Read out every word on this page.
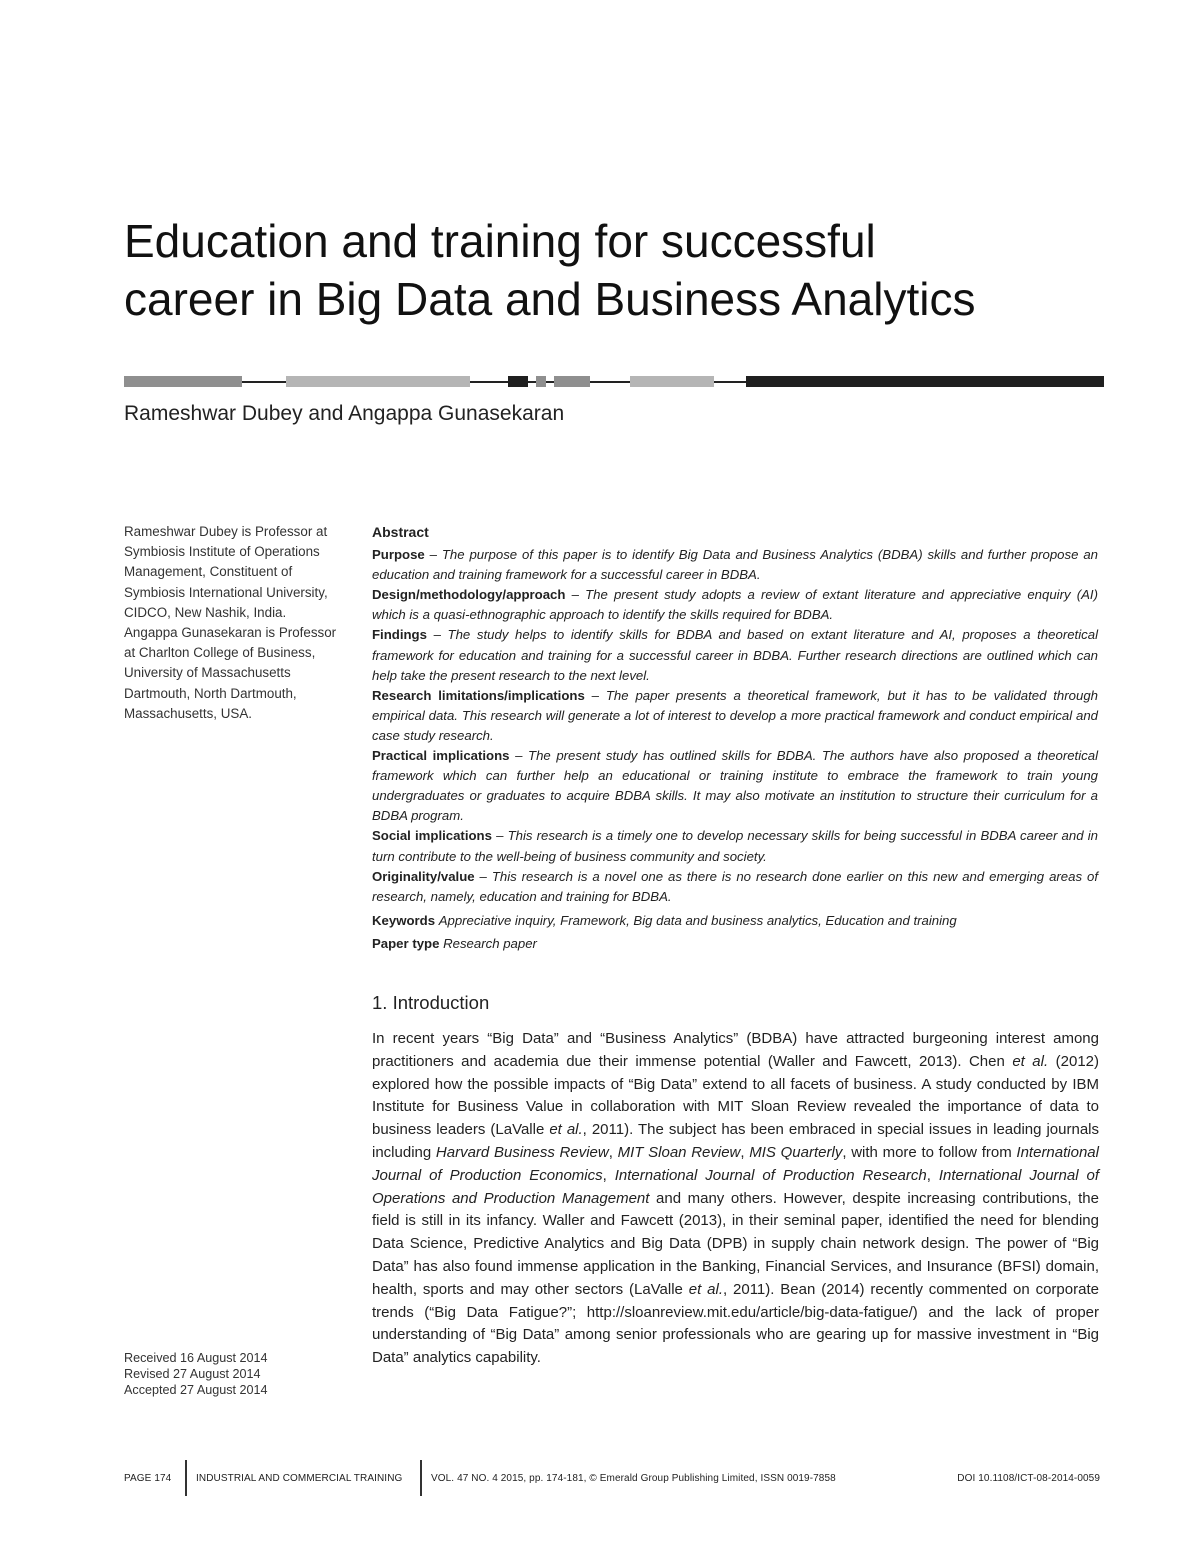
Education and training for successful
career in Big Data and Business Analytics
Rameshwar Dubey and Angappa Gunasekaran

Rameshwar Dubey is Professor at Symbiosis Institute of Operations Management, Constituent of Symbiosis International University, CIDCO, New Nashik, India.

Angappa Gunasekaran is Professor at Charlton College of Business, University of Massachusetts Dartmouth, North Dartmouth, Massachusetts, USA.

Received 16 August 2014
Revised 27 August 2014
Accepted 27 August 2014
Abstract

Purpose – The purpose of this paper is to identify Big Data and Business Analytics (BDBA) skills and further propose an education and training framework for a successful career in BDBA.

Design/methodology/approach – The present study adopts a review of extant literature and appreciative enquiry (AI) which is a quasi-ethnographic approach to identify the skills required for BDBA.

Findings – The study helps to identify skills for BDBA and based on extant literature and AI, proposes a theoretical framework for education and training for a successful career in BDBA. Further research directions are outlined which can help take the present research to the next level.

Research limitations/implications – The paper presents a theoretical framework, but it has to be validated through empirical data. This research will generate a lot of interest to develop a more practical framework and conduct empirical and case study research.

Practical implications – The present study has outlined skills for BDBA. The authors have also proposed a theoretical framework which can further help an educational or training institute to embrace the framework to train young undergraduates or graduates to acquire BDBA skills. It may also motivate an institution to structure their curriculum for a BDBA program.

Social implications – This research is a timely one to develop necessary skills for being successful in BDBA career and in turn contribute to the well-being of business community and society.

Originality/value – This research is a novel one as there is no research done earlier on this new and emerging areas of research, namely, education and training for BDBA.

Keywords Appreciative inquiry, Framework, Big data and business analytics, Education and training

Paper type Research paper

1. Introduction

In recent years “Big Data” and “Business Analytics” (BDBA) have attracted burgeoning interest among practitioners and academia due their immense potential (Waller and Fawcett, 2013). Chen et al. (2012) explored how the possible impacts of “Big Data” extend to all facets of business. A study conducted by IBM Institute for Business Value in collaboration with MIT Sloan Review revealed the importance of data to business leaders (LaValle et al., 2011). The subject has been embraced in special issues in leading journals including Harvard Business Review, MIT Sloan Review, MIS Quarterly, with more to follow from International Journal of Production Economics, International Journal of Production Research, International Journal of Operations and Production Management and many others. However, despite increasing contributions, the field is still in its infancy. Waller and Fawcett (2013), in their seminal paper, identified the need for blending Data Science, Predictive Analytics and Big Data (DPB) in supply chain network design. The power of “Big Data” has also found immense application in the Banking, Financial Services, and Insurance (BFSI) domain, health, sports and may other sectors (LaValle et al., 2011). Bean (2014) recently commented on corporate trends (“Big Data Fatigue?”; http://sloanreview.mit.edu/article/big-data-fatigue/) and the lack of proper understanding of “Big Data” among senior professionals who are gearing up for massive investment in “Big Data” analytics capability.

PAGE 174 INDUSTRIAL AND COMMERCIAL TRAINING	VOL. 47 NO. 4 2015, pp. 174-181, © Emerald Group Publishing Limited, ISSN 0019-7858	DOI 10.1108/ICT-08-2014-0059
